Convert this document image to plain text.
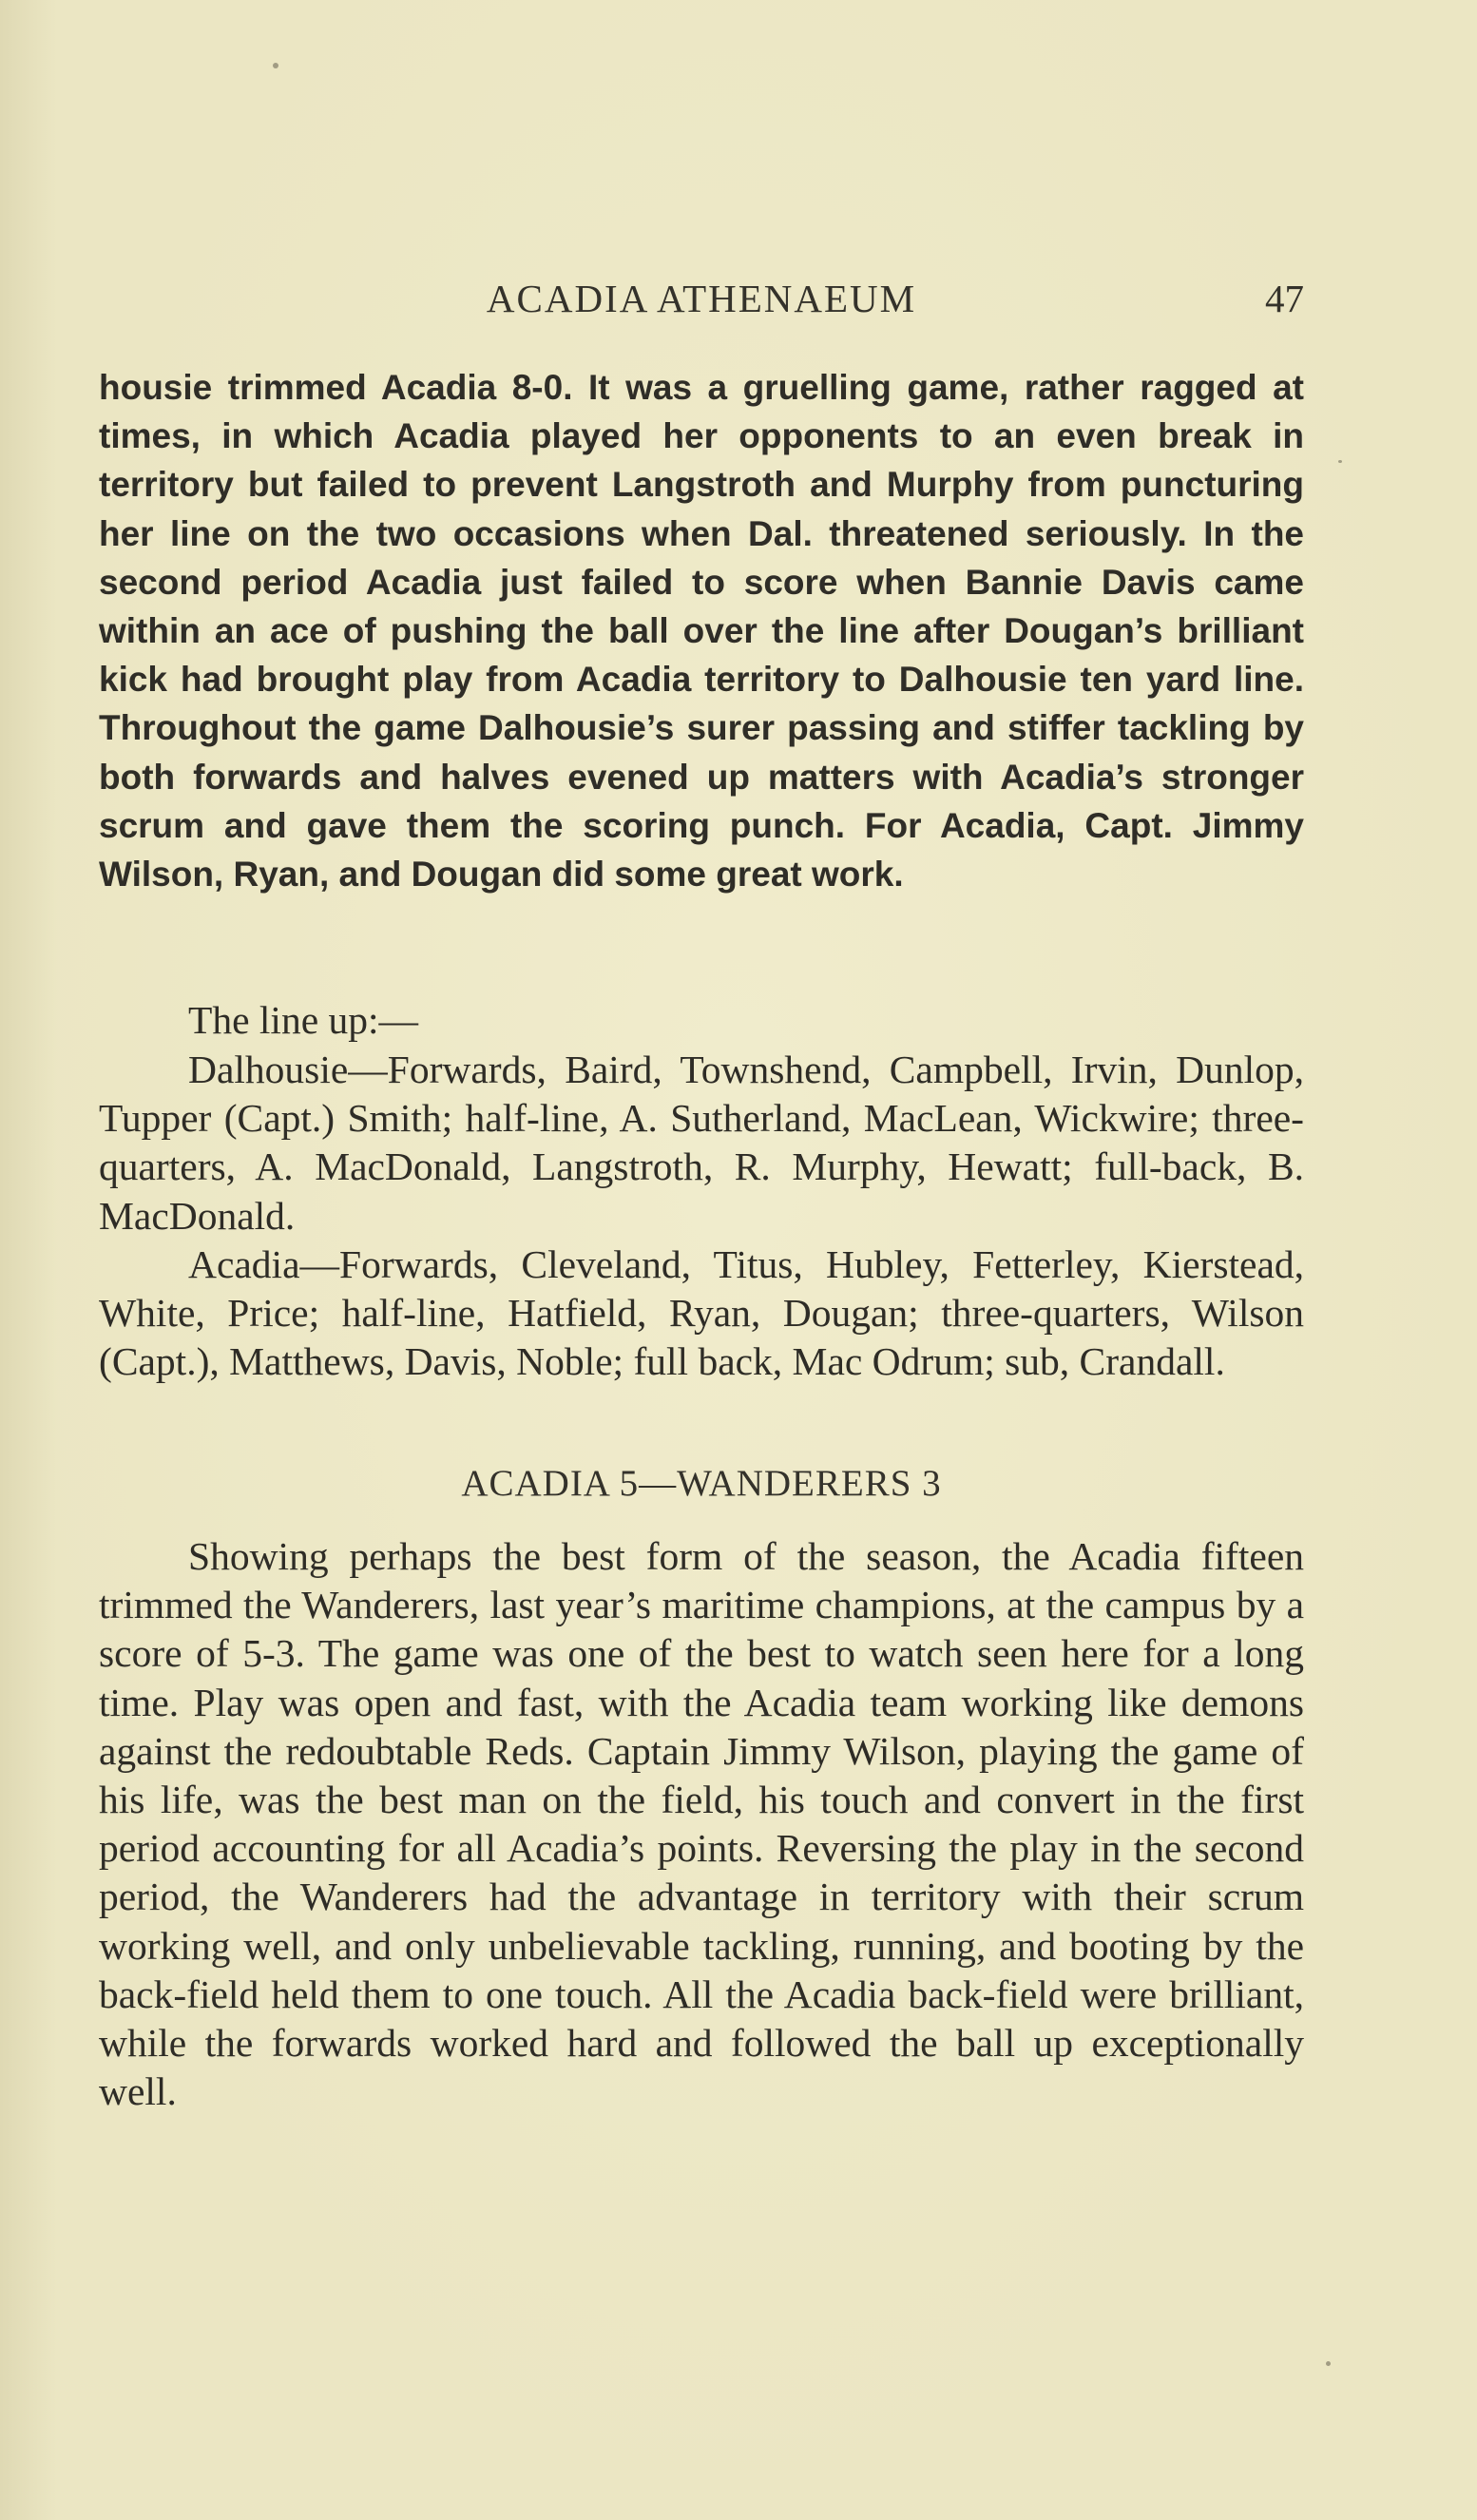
ACADIA ATHENAEUM	47

housie trimmed Acadia 8-0. It was a gruelling game, rather ragged at times, in which Acadia played her opponents to an even break in territory but failed to prevent Langstroth and Murphy from puncturing her line on the two occasions when Dal. threatened seriously. In the second period Acadia just failed to score when Bannie Davis came within an ace of pushing the ball over the line after Dougan’s brilliant kick had brought play from Acadia territory to Dalhousie ten yard line. Throughout the game Dalhousie’s surer passing and stiffer tackling by both forwards and halves evened up matters with Acadia’s stronger scrum and gave them the scoring punch. For Acadia, Capt. Jimmy Wilson, Ryan, and Dougan did some great work.

The line up:—

Dalhousie—Forwards, Baird, Townshend, Campbell, Irvin, Dunlop, Tupper (Capt.) Smith; half-line, A. Sutherland, MacLean, Wickwire; three-quarters, A. MacDonald, Langstroth, R. Murphy, Hewatt; full-back, B. MacDonald.

Acadia—Forwards, Cleveland, Titus, Hubley, Fetterley, Kierstead, White, Price; half-line, Hatfield, Ryan, Dougan; three-quarters, Wilson (Capt.), Matthews, Davis, Noble; full back, Mac Odrum; sub, Crandall.

ACADIA 5—WANDERERS 3

Showing perhaps the best form of the season, the Acadia fifteen trimmed the Wanderers, last year’s maritime champions, at the campus by a score of 5-3. The game was one of the best to watch seen here for a long time. Play was open and fast, with the Acadia team working like demons against the redoubtable Reds. Captain Jimmy Wilson, playing the game of his life, was the best man on the field, his touch and convert in the first period accounting for all Acadia’s points. Reversing the play in the second period, the Wanderers had the advantage in territory with their scrum working well, and only unbelievable tackling, running, and booting by the back-field held them to one touch. All the Acadia back-field were brilliant, while the forwards worked hard and followed the ball up exceptionally well.
